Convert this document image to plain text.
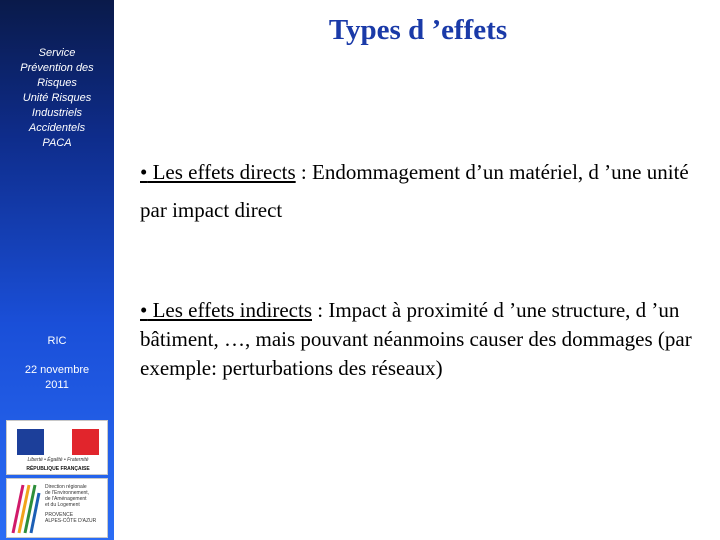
Service
Prévention des
Risques
Unité Risques
Industriels
Accidentels
PACA
RIC
22 novembre
2011
Liberté • Égalité • Fraternité
RÉPUBLIQUE FRANÇAISE
Direction régionale
de l'Environnement,
de l'Aménagement
et du Logement
PROVENCE
ALPES-CÔTE D'AZUR
Types d ’effets
• Les effets directs : Endommagement d’un matériel, d ’une unité par impact direct
• Les effets indirects : Impact à proximité d ’une structure, d ’un bâtiment, …, mais pouvant néanmoins causer des dommages (par exemple: perturbations des réseaux)
